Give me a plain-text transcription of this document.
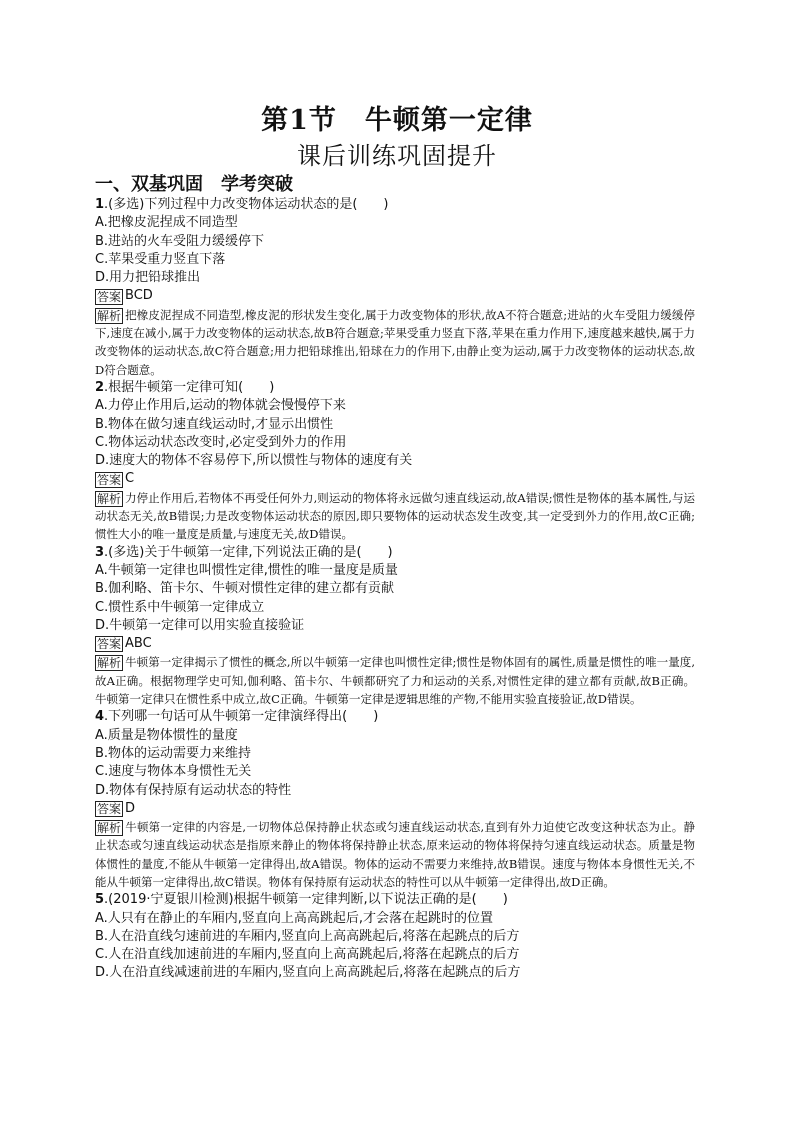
第1节　牛顿第一定律
课后训练巩固提升
一、双基巩固　学考突破
1.(多选)下列过程中力改变物体运动状态的是(　　)
A.把橡皮泥捏成不同造型
B.进站的火车受阻力缓缓停下
C.苹果受重力竖直下落
D.用力把铅球推出
答案 BCD
解析 把橡皮泥捏成不同造型,橡皮泥的形状发生变化,属于力改变物体的形状,故A不符合题意;进站的火车受阻力缓缓停下,速度在减小,属于力改变物体的运动状态,故B符合题意;苹果受重力竖直下落,苹果在重力作用下,速度越来越快,属于力改变物体的运动状态,故C符合题意;用力把铅球推出,铅球在力的作用下,由静止变为运动,属于力改变物体的运动状态,故D符合题意。
2.根据牛顿第一定律可知(　　)
A.力停止作用后,运动的物体就会慢慢停下来
B.物体在做匀速直线运动时,才显示出惯性
C.物体运动状态改变时,必定受到外力的作用
D.速度大的物体不容易停下,所以惯性与物体的速度有关
答案 C
解析 力停止作用后,若物体不再受任何外力,则运动的物体将永远做匀速直线运动,故A错误;惯性是物体的基本属性,与运动状态无关,故B错误;力是改变物体运动状态的原因,即只要物体的运动状态发生改变,其一定受到外力的作用,故C正确;惯性大小的唯一量度是质量,与速度无关,故D错误。
3.(多选)关于牛顿第一定律,下列说法正确的是(　　)
A.牛顿第一定律也叫惯性定律,惯性的唯一量度是质量
B.伽利略、笛卡尔、牛顿对惯性定律的建立都有贡献
C.惯性系中牛顿第一定律成立
D.牛顿第一定律可以用实验直接验证
答案 ABC
解析 牛顿第一定律揭示了惯性的概念,所以牛顿第一定律也叫惯性定律;惯性是物体固有的属性,质量是惯性的唯一量度,故A正确。根据物理学史可知,伽利略、笛卡尔、牛顿都研究了力和运动的关系,对惯性定律的建立都有贡献,故B正确。牛顿第一定律只在惯性系中成立,故C正确。牛顿第一定律是逻辑思维的产物,不能用实验直接验证,故D错误。
4.下列哪一句话可从牛顿第一定律演绎得出(　　)
A.质量是物体惯性的量度
B.物体的运动需要力来维持
C.速度与物体本身惯性无关
D.物体有保持原有运动状态的特性
答案 D
解析 牛顿第一定律的内容是,一切物体总保持静止状态或匀速直线运动状态,直到有外力迫使它改变这种状态为止。静止状态或匀速直线运动状态是指原来静止的物体将保持静止状态,原来运动的物体将保持匀速直线运动状态。质量是物体惯性的量度,不能从牛顿第一定律得出,故A错误。物体的运动不需要力来维持,故B错误。速度与物体本身惯性无关,不能从牛顿第一定律得出,故C错误。物体有保持原有运动状态的特性可以从牛顿第一定律得出,故D正确。
5.(2019·宁夏银川检测)根据牛顿第一定律判断,以下说法正确的是(　　)
A.人只有在静止的车厢内,竖直向上高高跳起后,才会落在起跳时的位置
B.人在沿直线匀速前进的车厢内,竖直向上高高跳起后,将落在起跳点的后方
C.人在沿直线加速前进的车厢内,竖直向上高高跳起后,将落在起跳点的后方
D.人在沿直线减速前进的车厢内,竖直向上高高跳起后,将落在起跳点的后方
